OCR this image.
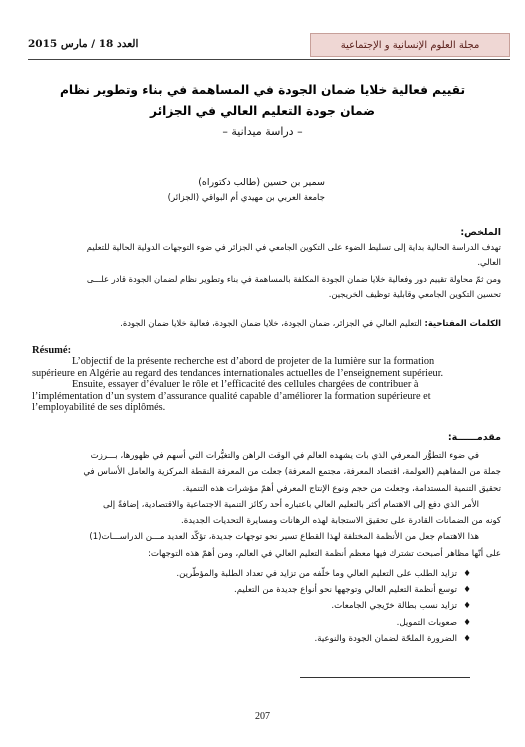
مجلة العلوم الإنسانية و الإجتماعية
العدد 18 / مارس 2015
تقييم فعالية خلايا ضمان الجودة في المساهمة في بناء وتطوير نظام
ضمان جودة التعليم العالي في الجزائر
– دراسة ميدانية –
سمير بن حسين (طالب دكتوراه)
جامعة العربي بن مهيدي أم البواقي (الجزائر)
الملخص:
تهدف الدراسة الحالية بداية إلى تسليط الضوء على التكوين الجامعي في الجزائر في ضوء التوجهات الدولية الحالية للتعليم
العالي.
ومن ثمّ محاولة تقييم دور وفعالية خلايا ضمان الجودة المكلفة بالمساهمة في بناء وتطوير نظام لضمان الجودة قادر علـــى
تحسين التكوين الجامعي وقابلية توظيف الخريجين.
الكلمات المفتاحية: التعليم العالي في الجزائر، ضمان الجودة، خلايا ضمان الجودة، فعالية خلايا ضمان الجودة.
Résumé:
L’objectif de la présente recherche est d’abord de projeter de la lumière sur la formation
supérieure en Algérie au regard des tendances internationales actuelles de l’enseignement supérieur.
Ensuite, essayer d’évaluer le rôle et l’efficacité des cellules chargées de contribuer à
l’implémentation d’un system d’assurance qualité capable d’améliorer la formation supérieure et
l’employabilité de ses diplômés.
مقدمــــــة:
في ضوء التطوُّر المعرفي الذي بات يشهده العالم في الوقت الراهن والتغيُّرات التي أسهم في ظهورها، بـــرزت
جملة من المفاهيم (العولمة، اقتصاد المعرفة، مجتمع المعرفة) جعلت من المعرفة النقطة المركزية والعامل الأساس في
تحقيق التنمية المستدامة، وجعلت من حجم ونوع الإنتاج المعرفي أهمّ مؤشرات هذه التنمية.
الأمر الذي دفع إلى الاهتمام أكثر بالتعليم العالي باعتباره أحد ركائز التنمية الاجتماعية والاقتصادية، إضافةً إلى
كونه من الضمانات القادرة على تحقيق الاستجابة لهذه الرهانات ومسايرة التحديات الجديدة.
هذا الاهتمام جعل من الأنظمة المختلفة لهذا القطاع تسير نحو توجهات جديدة، تؤكّد العديد مـــن الدراســـات(1)
على أنّها مظاهر أصبحت تشترك فيها معظم أنظمة التعليم العالي في العالم، ومن أهمّ هذه التوجهات:
♦
تزايد الطلب على التعليم العالي وما خلّفه من تزايد في تعداد الطلبة والمؤطّرين.
♦
توسع أنظمة التعليم العالي وتوجهها نحو أنواع جديدة من التعليم.
♦
تزايد نسب بطالة خرّيجي الجامعات.
♦
صعوبات التمويل.
♦
الضرورة الملحّة لضمان الجودة والنوعية.
207
